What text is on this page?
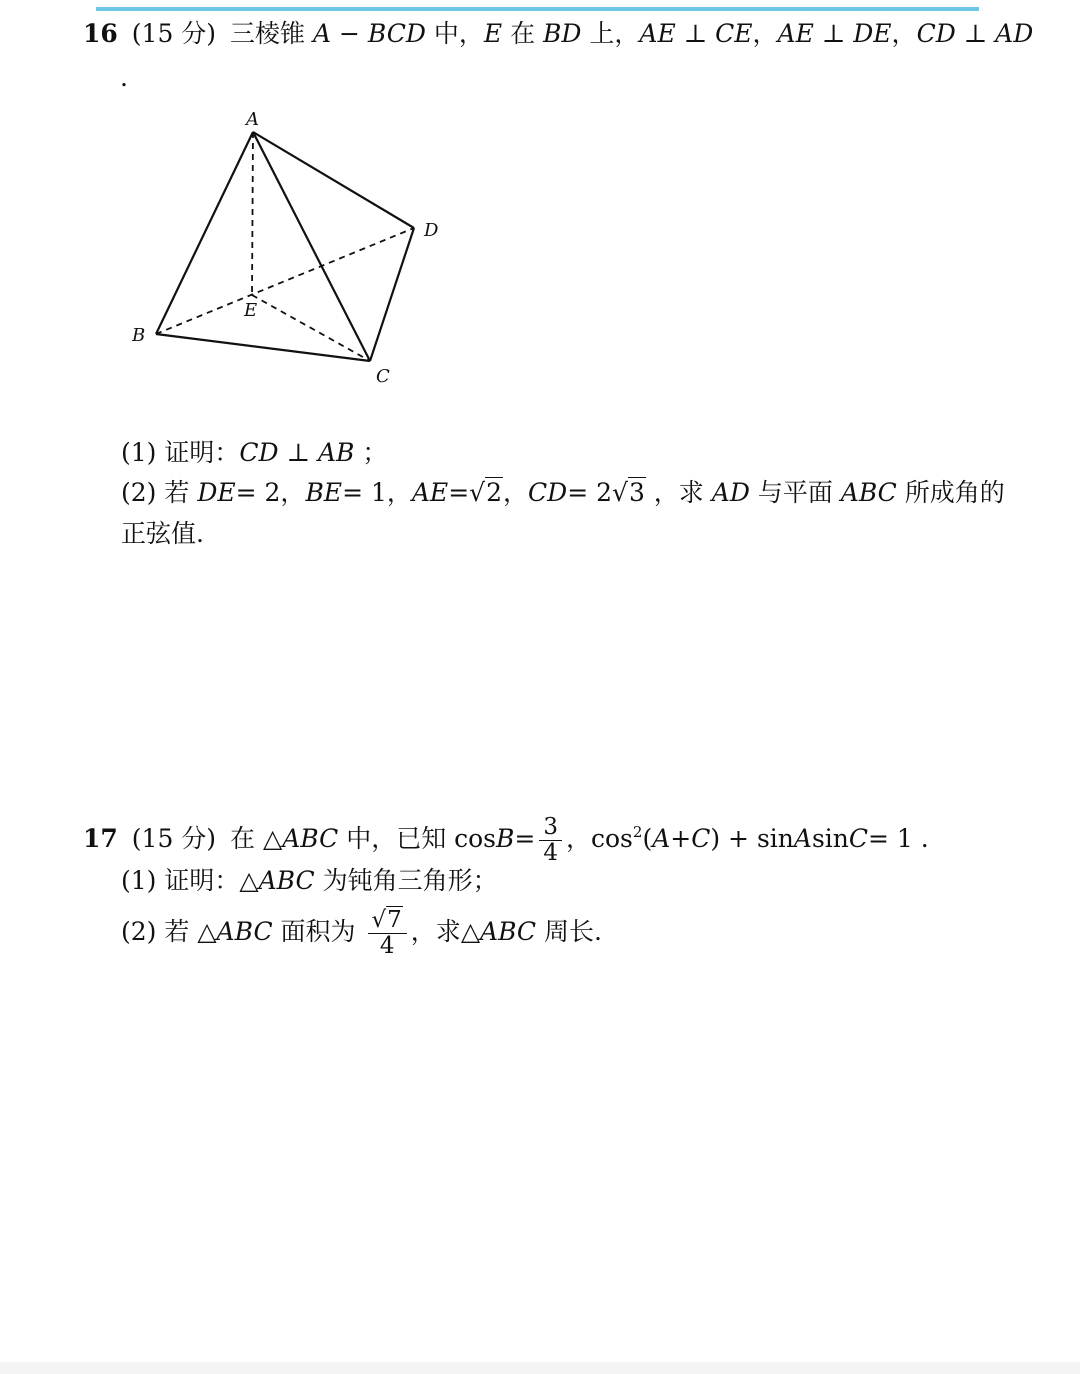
16 (15 分) 三棱锥 A − BCD 中，E 在 BD 上，AE ⊥ CE，AE ⊥ DE，CD ⊥ AD
.
A
B
C
D
E
(1) 证明：CD ⊥ AB ；
(2) 若 DE= 2，BE= 1，AE=√2，CD= 2√3 ，求 AD 与平面 ABC 所成角的
正弦值.
17 (15 分) 在 △ABC 中，已知 $\cos B= \frac{3}{4}$ ，$\cos^2(A+C)$ + sinAsinC= 1 .
(1) 证明：△ABC 为钝角三角形；
(2) 若 △ABC 面积为 $\frac{√7}{4}$ ，求△ABC 周长.
